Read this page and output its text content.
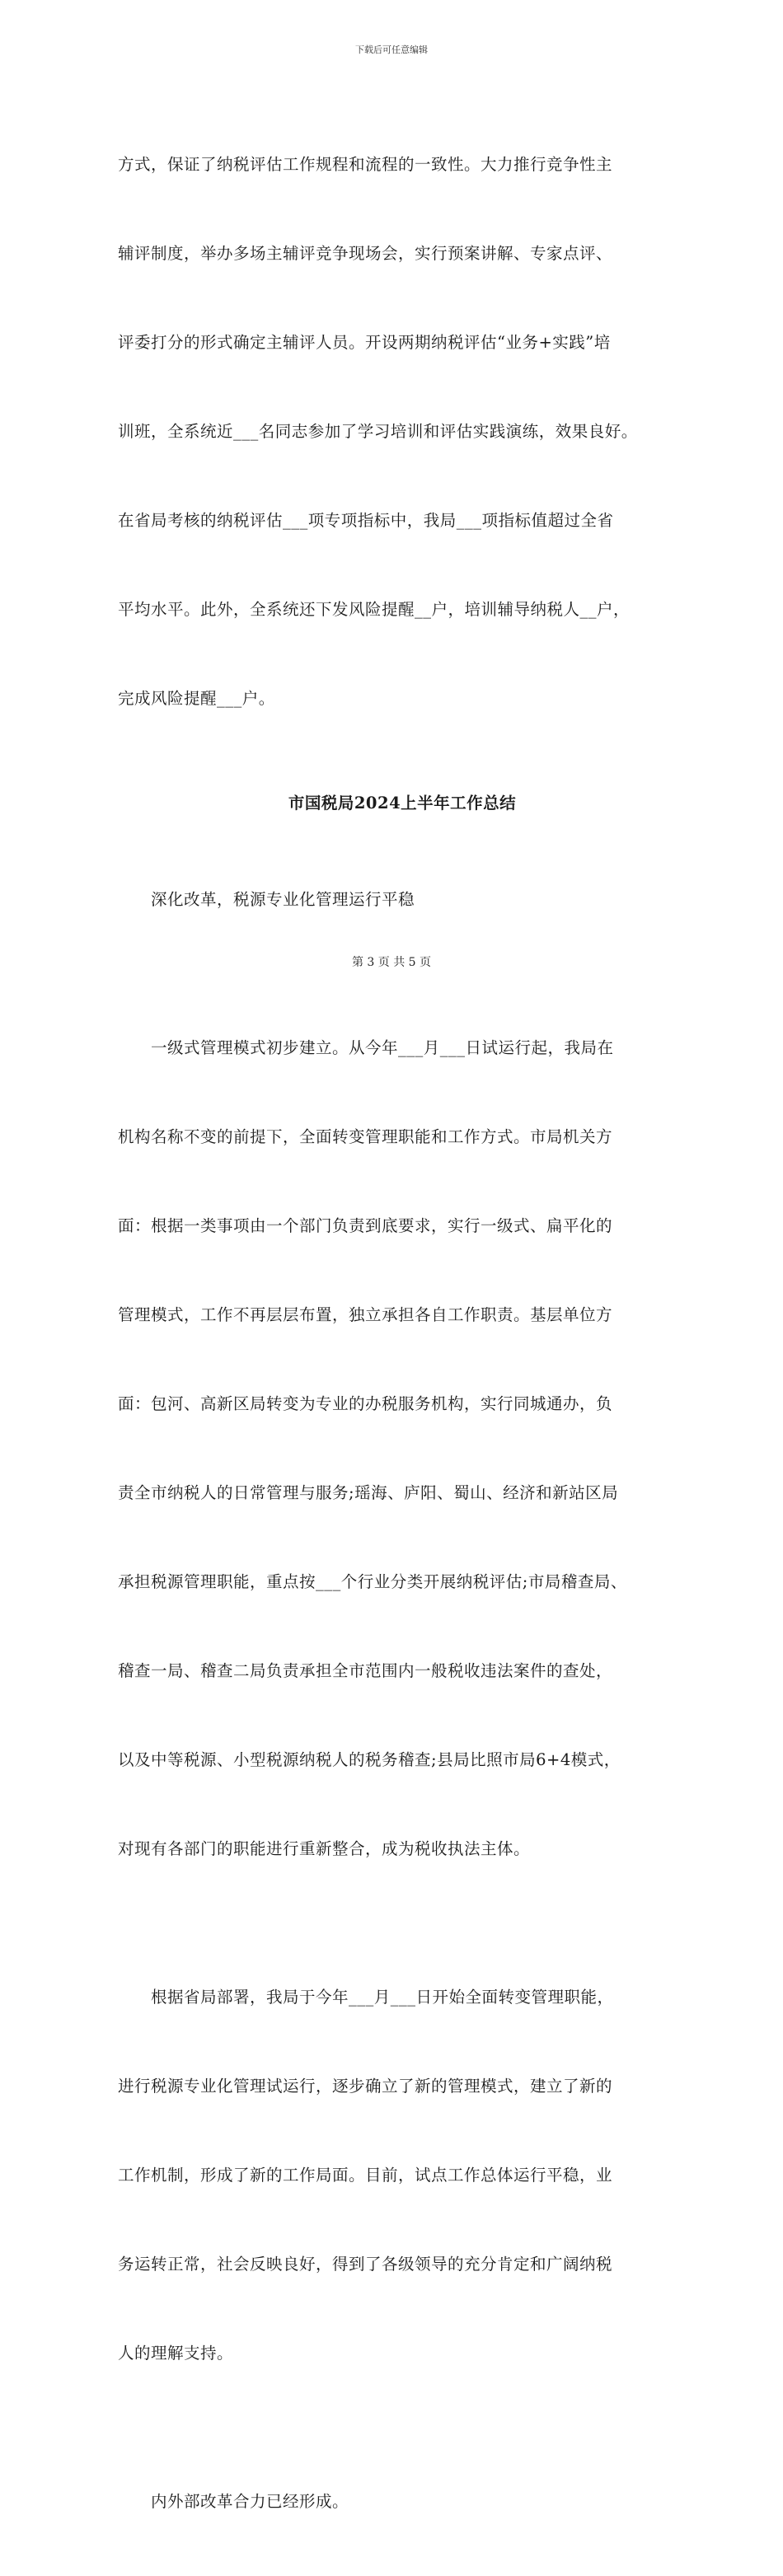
下载后可任意编辑

方式，保证了纳税评估工作规程和流程的一致性。大力推行竞争性主

辅评制度，举办多场主辅评竞争现场会，实行预案讲解、专家点评、

评委打分的形式确定主辅评人员。开设两期纳税评估“业务+实践”培

训班，全系统近___名同志参加了学习培训和评估实践演练，效果良好。

在省局考核的纳税评估___项专项指标中，我局___项指标值超过全省

平均水平。此外，全系统还下发风险提醒__户，培训辅导纳税人__户，

完成风险提醒___户。

市国税局2024上半年工作总结

深化改革，税源专业化管理运行平稳

一级式管理模式初步建立。从今年___月___日试运行起，我局在

机构名称不变的前提下，全面转变管理职能和工作方式。市局机关方

面：根据一类事项由一个部门负责到底要求，实行一级式、扁平化的

管理模式，工作不再层层布置，独立承担各自工作职责。基层单位方

面：包河、高新区局转变为专业的办税服务机构，实行同城通办，负

责全市纳税人的日常管理与服务;瑶海、庐阳、蜀山、经济和新站区局

承担税源管理职能，重点按___个行业分类开展纳税评估;市局稽查局、

稽查一局、稽查二局负责承担全市范围内一般税收违法案件的查处，

以及中等税源、小型税源纳税人的税务稽查;县局比照市局6+4模式，

对现有各部门的职能进行重新整合，成为税收执法主体。

根据省局部署，我局于今年___月___日开始全面转变管理职能，

进行税源专业化管理试运行，逐步确立了新的管理模式，建立了新的

工作机制，形成了新的工作局面。目前，试点工作总体运行平稳，业

务运转正常，社会反映良好，得到了各级领导的充分肯定和广阔纳税

人的理解支持。

内外部改革合力已经形成。

第 3 页 共 5 页
